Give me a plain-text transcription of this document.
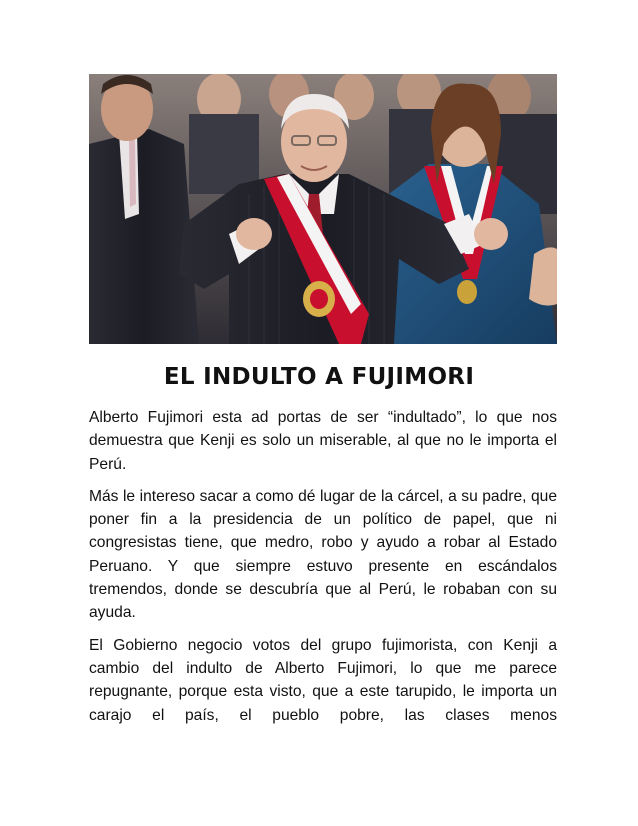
EL INDULTO A FUJIMORI

Alberto Fujimori esta ad portas de ser “indultado”, lo que nos demuestra que Kenji es solo un miserable, al que no le importa el Perú.

Más le intereso sacar a como dé lugar de la cárcel, a su padre, que poner fin a la presidencia de un político de papel, que ni congresistas tiene, que medro, robo y ayudo a robar al Estado Peruano. Y que siempre estuvo presente en escándalos tremendos, donde se descubría que al Perú, le robaban con su ayuda.

El Gobierno negocio votos del grupo fujimorista, con Kenji a cambio del indulto de Alberto Fujimori, lo que me parece repugnante, porque esta visto, que a este tarupido, le importa un carajo el país, el pueblo pobre, las clases menos
